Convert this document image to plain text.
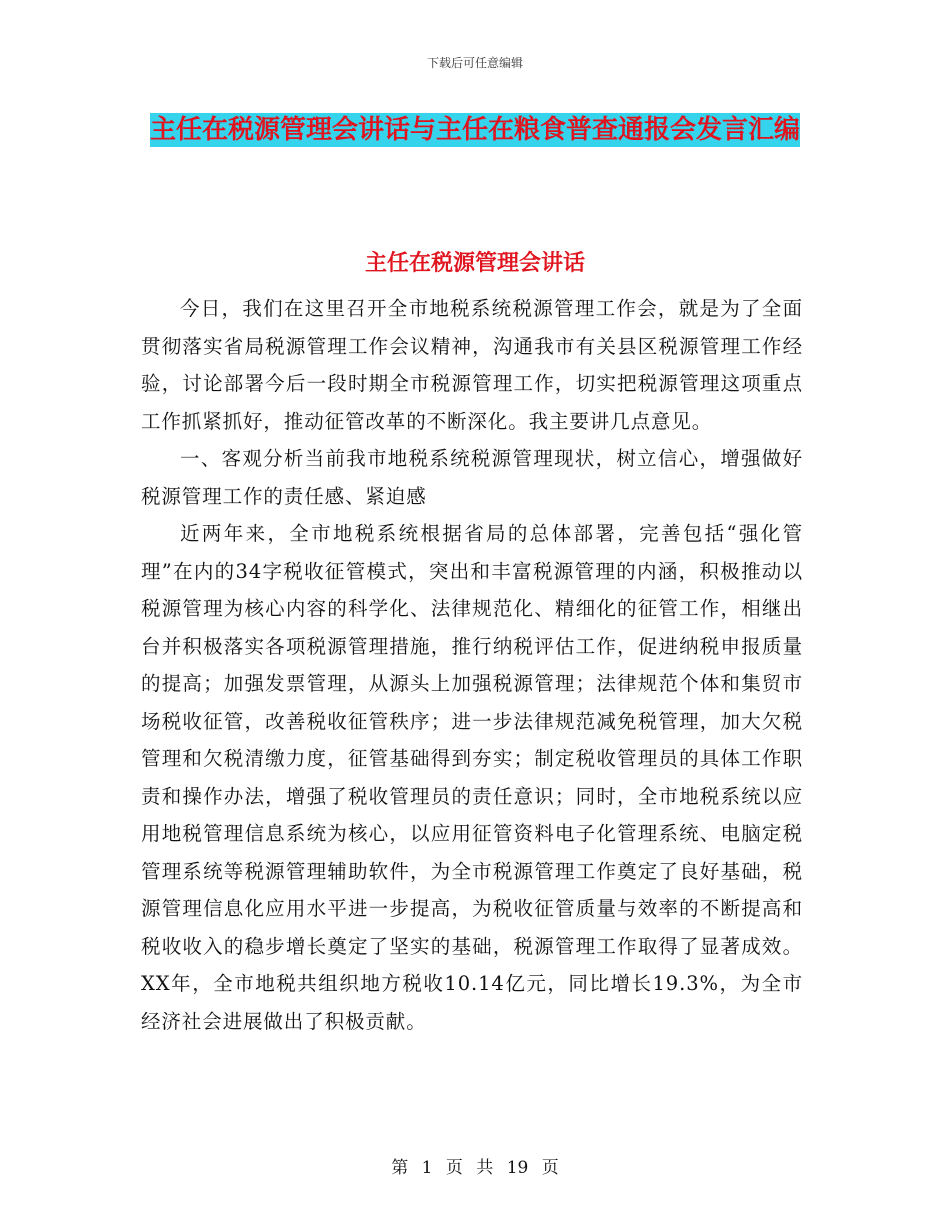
下载后可任意编辑
主任在税源管理会讲话与主任在粮食普查通报会发言汇编
主任在税源管理会讲话

今日，我们在这里召开全市地税系统税源管理工作会，就是为了全面贯彻落实省局税源管理工作会议精神，沟通我市有关县区税源管理工作经验，讨论部署今后一段时期全市税源管理工作，切实把税源管理这项重点工作抓紧抓好，推动征管改革的不断深化。我主要讲几点意见。

一、客观分析当前我市地税系统税源管理现状，树立信心，增强做好税源管理工作的责任感、紧迫感

近两年来，全市地税系统根据省局的总体部署，完善包括“强化管理”在内的34字税收征管模式，突出和丰富税源管理的内涵，积极推动以税源管理为核心内容的科学化、法律规范化、精细化的征管工作，相继出台并积极落实各项税源管理措施，推行纳税评估工作，促进纳税申报质量的提高；加强发票管理，从源头上加强税源管理；法律规范个体和集贸市场税收征管，改善税收征管秩序；进一步法律规范减免税管理，加大欠税管理和欠税清缴力度，征管基础得到夯实；制定税收管理员的具体工作职责和操作办法，增强了税收管理员的责任意识；同时，全市地税系统以应用地税管理信息系统为核心，以应用征管资料电子化管理系统、电脑定税管理系统等税源管理辅助软件，为全市税源管理工作奠定了良好基础，税源管理信息化应用水平进一步提高，为税收征管质量与效率的不断提高和税收收入的稳步增长奠定了坚实的基础，税源管理工作取得了显著成效。XX年，全市地税共组织地方税收10.14亿元，同比增长19.3%，为全市经济社会进展做出了积极贡献。

第 1 页 共 19 页
